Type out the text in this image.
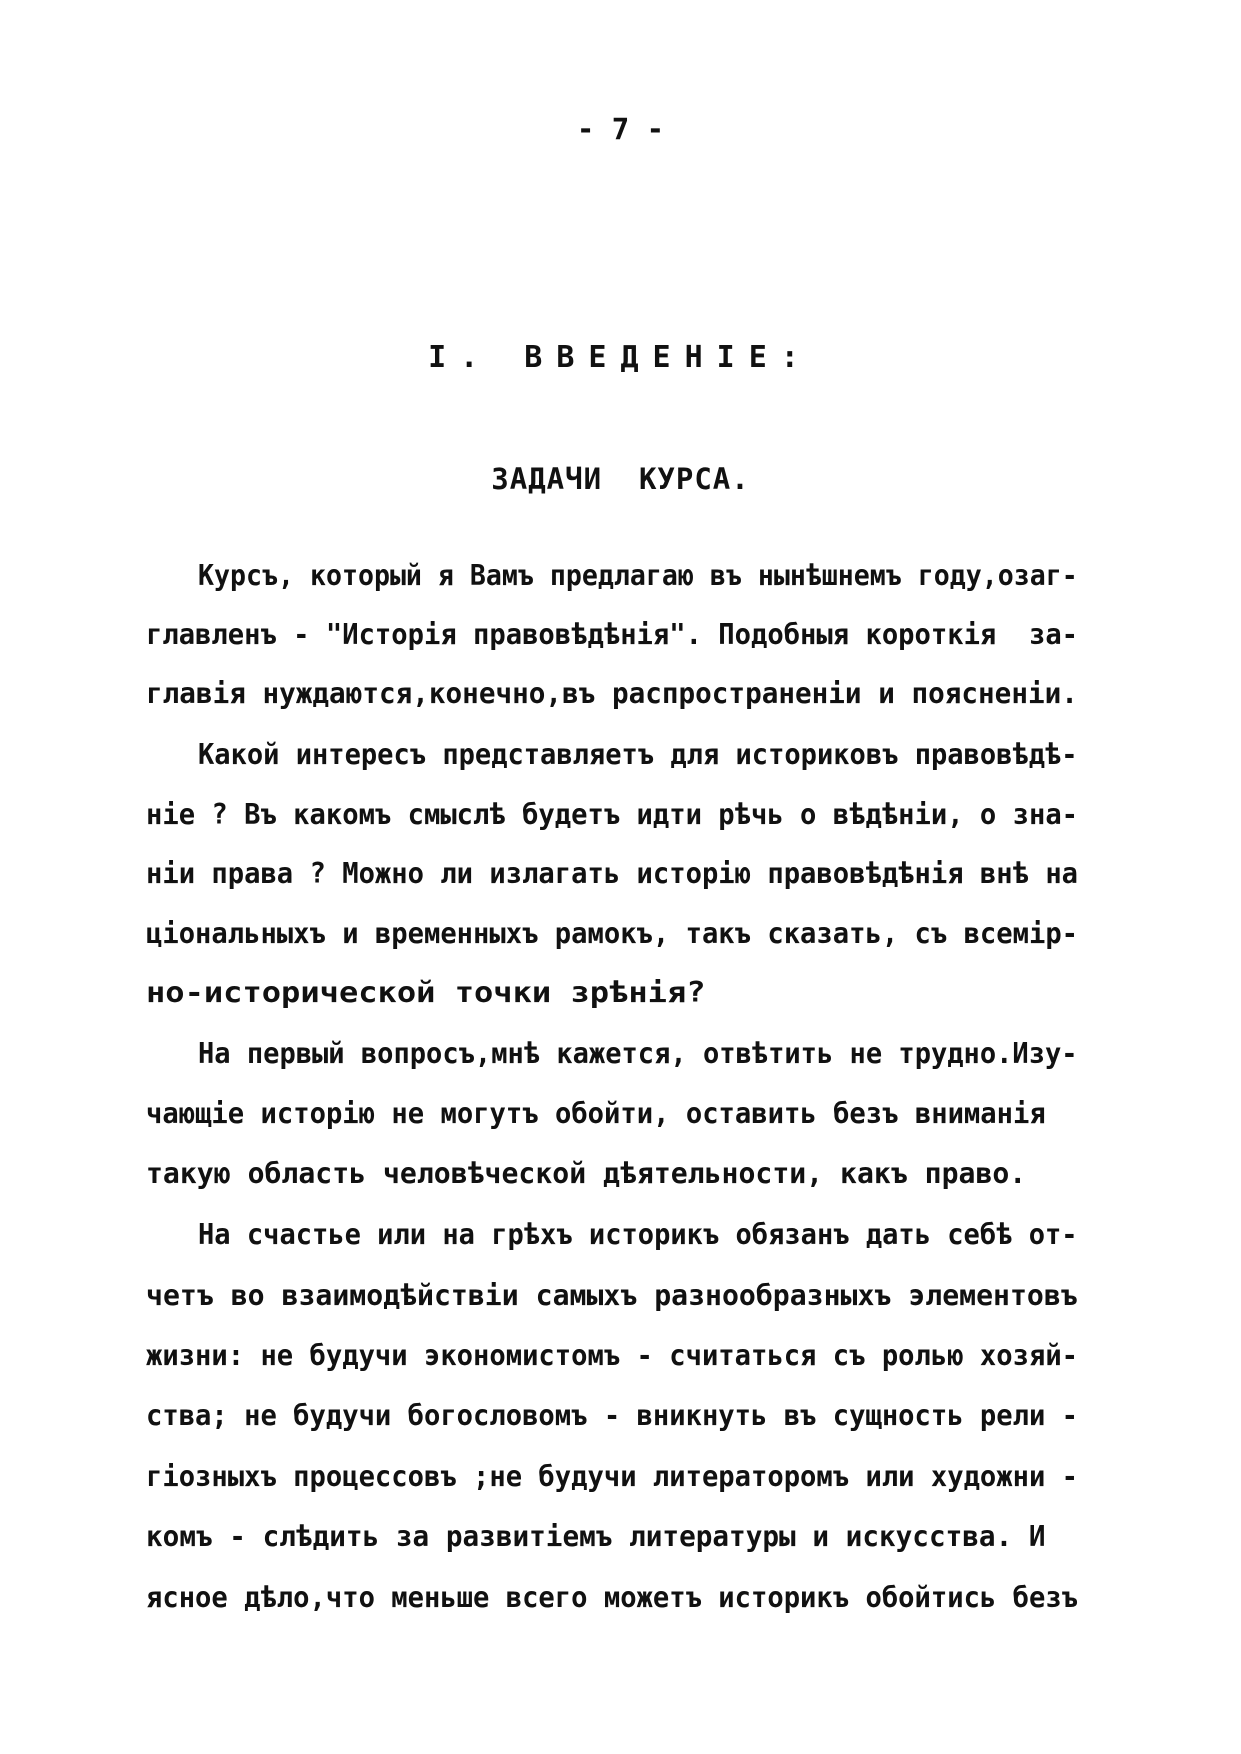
- 7 -
I. ВВЕДЕНIЕ:
ЗАДАЧИ  КУРСА.
Курсъ, который я Вамъ предлагаю въ нынѣшнемъ году,озаг-
главленъ - "Исторiя правовѣдѣнiя". Подобныя короткiя  за-
главiя нуждаются,конечно,въ распространенiи и поясненiи.
Какой интересъ представляетъ для историковъ правовѣдѣ-
нiе ? Въ какомъ смыслѣ будетъ идти рѣчь о вѣдѣнiи, о зна-
нiи права ? Можно ли излагать исторiю правовѣдѣнiя внѣ на
цiональныхъ и временныхъ рамокъ, такъ сказать, съ всемiр-
но-исторической точки зрѣнiя?
На первый вопросъ,мнѣ кажется, отвѣтить не трудно.Изу-
чающiе исторiю не могутъ обойти, оставить безъ вниманiя
такую область человѣческой дѣятельности, какъ право.
На счастье или на грѣхъ историкъ обязанъ дать себѣ от-
четъ во взаимодѣйствiи самыхъ разнообразныхъ элементовъ
жизни: не будучи экономистомъ - считаться съ ролью хозяй-
ства; не будучи богословомъ - вникнуть въ сущность рели -
гiозныхъ процессовъ ;не будучи литераторомъ или художни -
комъ - слѣдить за развитiемъ литературы и искусства. И
ясное дѣло,что меньше всего можетъ историкъ обойтись безъ
